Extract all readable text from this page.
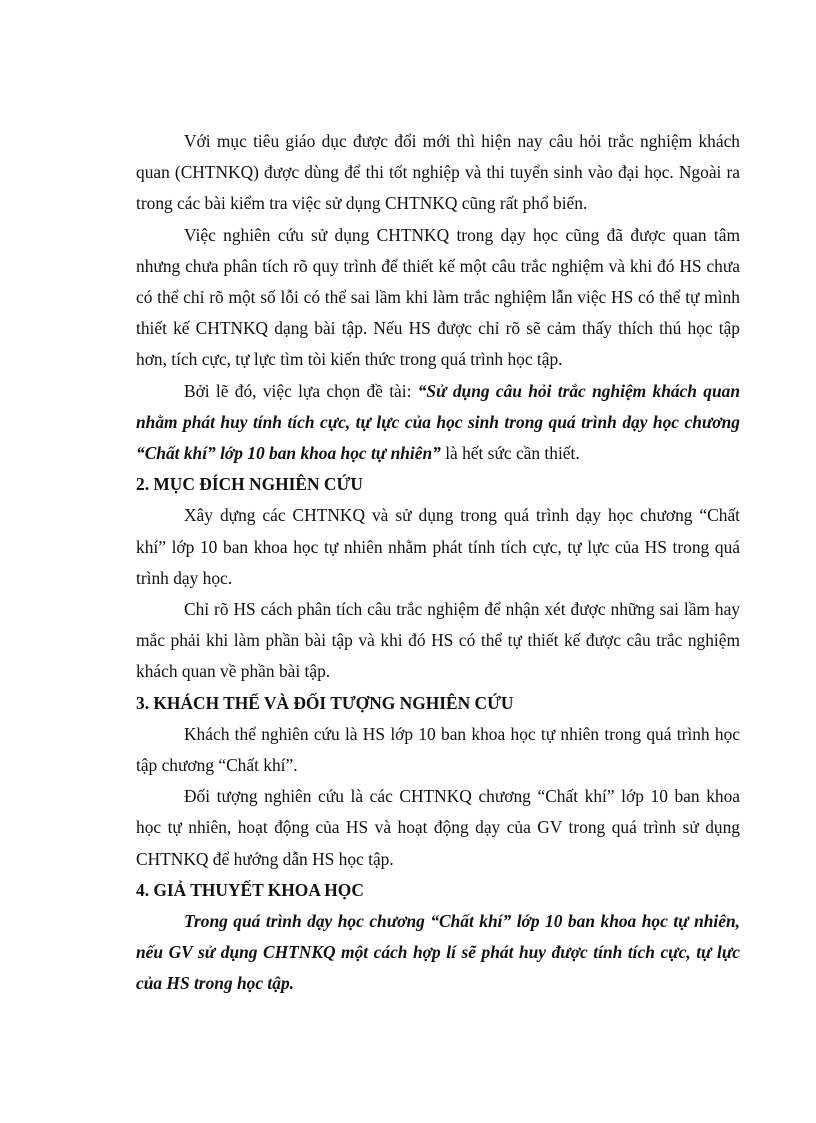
Với mục tiêu giáo dục được đổi mới thì hiện nay câu hỏi trắc nghiệm khách quan (CHTNKQ) được dùng để thi tốt nghiệp và thi tuyển sinh vào đại học. Ngoài ra trong các bài kiểm tra việc sử dụng CHTNKQ cũng rất phổ biến.

Việc nghiên cứu sử dụng CHTNKQ trong dạy học cũng đã được quan tâm nhưng chưa phân tích rõ quy trình để thiết kế một câu trắc nghiệm và khi đó HS chưa có thể chỉ rõ một số lỗi có thể sai lầm khi làm trắc nghiệm lẫn việc HS có thể tự mình thiết kế CHTNKQ dạng bài tập. Nếu HS được chỉ rõ sẽ cảm thấy thích thú học tập hơn, tích cực, tự lực tìm tòi kiến thức trong quá trình học tập.

Bởi lẽ đó, việc lựa chọn đề tài: “Sử dụng câu hỏi trắc nghiệm khách quan nhằm phát huy tính tích cực, tự lực của học sinh trong quá trình dạy học chương “Chất khí” lớp 10 ban khoa học tự nhiên” là hết sức cần thiết.

2. MỤC ĐÍCH NGHIÊN CỨU

Xây dựng các CHTNKQ và sử dụng trong quá trình dạy học chương “Chất khí” lớp 10 ban khoa học tự nhiên nhằm phát tính tích cực, tự lực của HS trong quá trình dạy học.

Chỉ rõ HS cách phân tích câu trắc nghiệm để nhận xét được những sai lầm hay mắc phải khi làm phần bài tập và khi đó HS có thể tự thiết kế được câu trắc nghiệm khách quan về phần bài tập.

3. KHÁCH THỂ VÀ ĐỐI TƯỢNG NGHIÊN CỨU

Khách thể nghiên cứu là HS lớp 10 ban khoa học tự nhiên trong quá trình học tập chương “Chất khí”.

Đối tượng nghiên cứu là các CHTNKQ chương “Chất khí” lớp 10 ban khoa học tự nhiên, hoạt động của HS và hoạt động dạy của GV trong quá trình sử dụng CHTNKQ để hướng dẫn HS học tập.

4. GIẢ THUYẾT KHOA HỌC

Trong quá trình dạy học chương “Chất khí” lớp 10 ban khoa học tự nhiên, nếu GV sử dụng CHTNKQ một cách hợp lí sẽ phát huy được tính tích cực, tự lực của HS trong học tập.
